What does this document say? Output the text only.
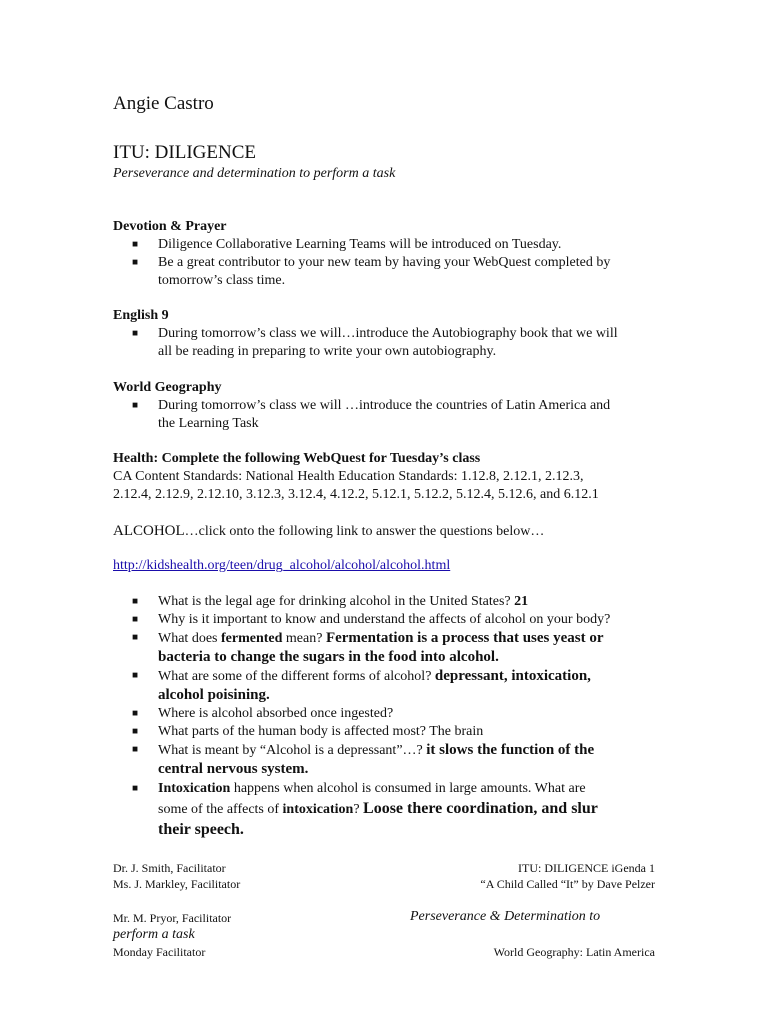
Angie Castro
ITU: DILIGENCE
Perseverance and determination to perform a task
Devotion & Prayer
■ Diligence Collaborative Learning Teams will be introduced on Tuesday.
■ Be a great contributor to your new team by having your WebQuest completed by
tomorrow’s class time.
English 9
■ During tomorrow’s class we will…introduce the Autobiography book that we will
all be reading in preparing to write your own autobiography.
World Geography
■ During tomorrow’s class we will …introduce the countries of Latin America and
the Learning Task
Health: Complete the following WebQuest for Tuesday’s class
CA Content Standards: National Health Education Standards: 1.12.8, 2.12.1, 2.12.3,
2.12.4, 2.12.9, 2.12.10, 3.12.3, 3.12.4, 4.12.2, 5.12.1, 5.12.2, 5.12.4, 5.12.6, and 6.12.1
ALCOHOL…click onto the following link to answer the questions below…
http://kidshealth.org/teen/drug_alcohol/alcohol/alcohol.html
■ What is the legal age for drinking alcohol in the United States? 21
■ Why is it important to know and understand the affects of alcohol on your body?
■ What does fermented mean? Fermentation is a process that uses yeast or
bacteria to change the sugars in the food into alcohol.
■ What are some of the different forms of alcohol? depressant, intoxication,
alcohol poisining.
■ Where is alcohol absorbed once ingested?
■ What parts of the human body is affected most? The brain
■ What is meant by “Alcohol is a depressant”…? it slows the function of the
central nervous system.
■ Intoxication happens when alcohol is consumed in large amounts. What are
some of the affects of intoxication? Loose there coordination, and slur
their speech.
Dr. J. Smith, Facilitator
Ms. J. Markley, Facilitator
ITU: DILIGENCE iGenda 1
“A Child Called “It” by Dave Pelzer
Mr. M. Pryor, Facilitator	Perseverance & Determination to
perform a task
Monday Facilitator	World Geography: Latin America
